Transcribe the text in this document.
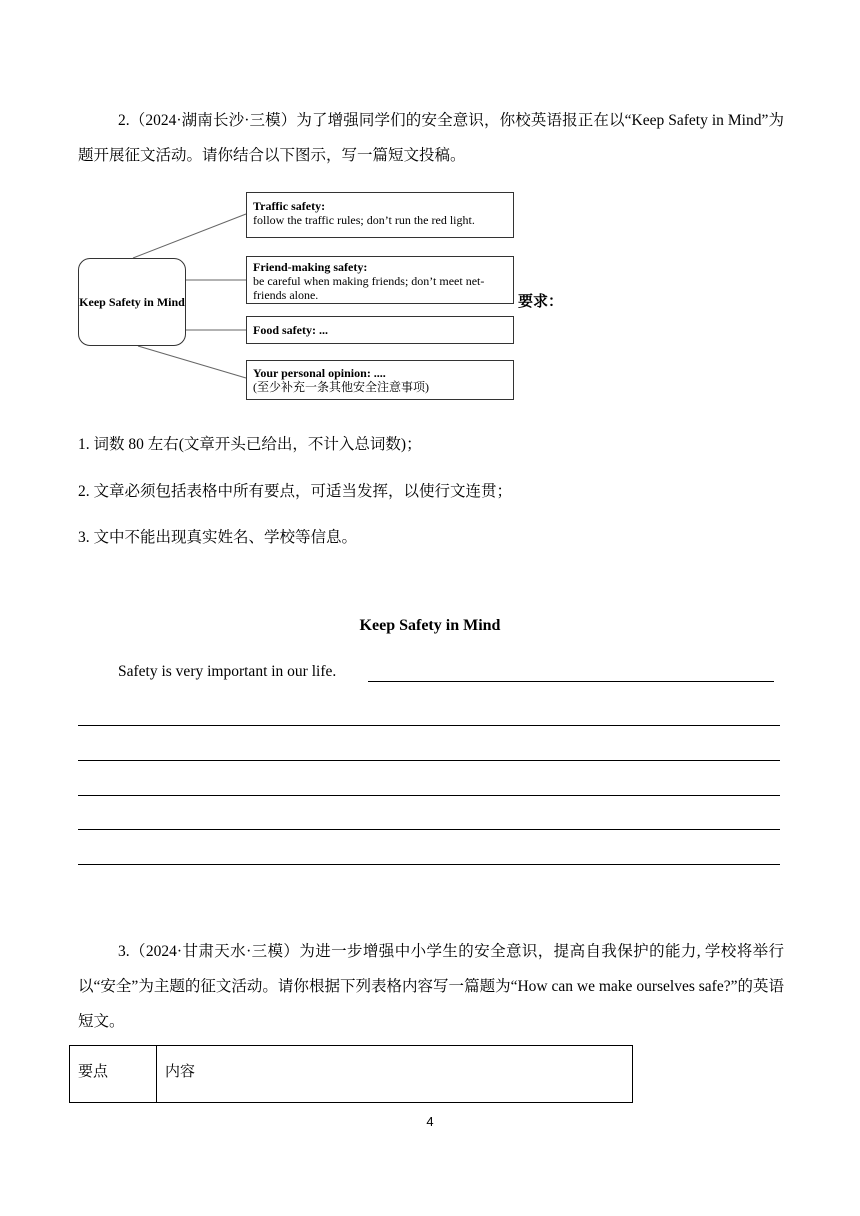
2.（2024·湖南长沙·三模）为了增强同学们的安全意识，你校英语报正在以“Keep Safety in Mind”为题开展征文活动。请你结合以下图示，写一篇短文投稿。

Keep Safety in Mind
Traffic safety:
follow the traffic rules; don’t run the red light.
Friend-making safety:
be careful when making friends; don’t meet net-friends alone.
Food safety: ...
Your personal opinion: ....
(至少补充一条其他安全注意事项)
要求：
1. 词数 80 左右(文章开头已给出，不计入总词数)；
2. 文章必须包括表格中所有要点，可适当发挥，以使行文连贯；
3. 文中不能出现真实姓名、学校等信息。
Keep Safety in Mind
Safety is very important in our life.

3.（2024·甘肃天水·三模）为进一步增强中小学生的安全意识，提高自我保护的能力, 学校将举行以“安全”为主题的征文活动。请你根据下列表格内容写一篇题为“How can we make ourselves safe?”的英语短文。

要点	内容
4
